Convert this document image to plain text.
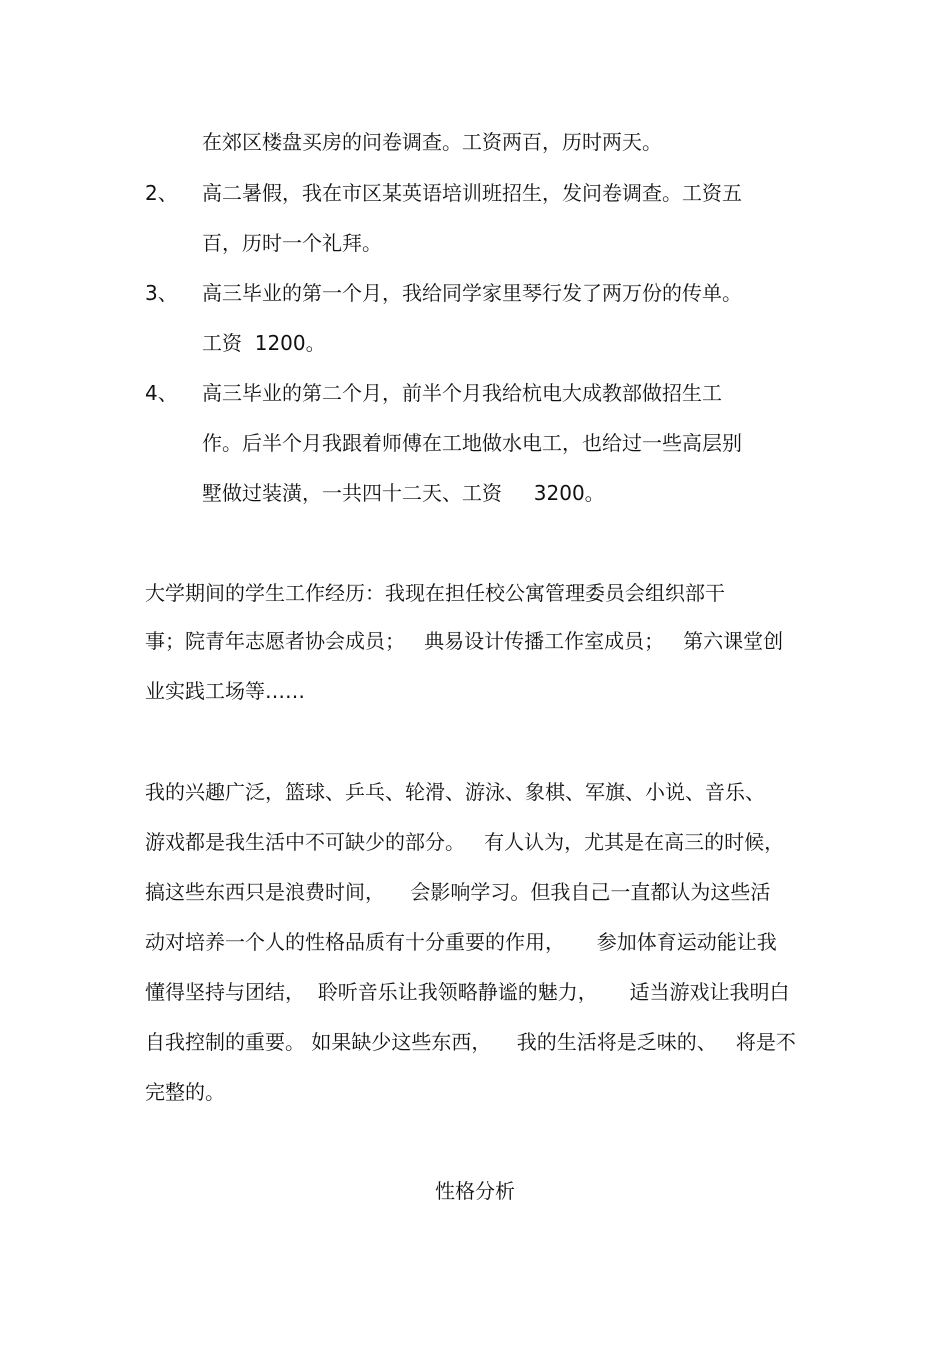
在郊区楼盘买房的问卷调查。工资两百，历时两天。
2、 高二暑假，我在市区某英语培训班招生，发问卷调查。工资五
百，历时一个礼拜。
3、 高三毕业的第一个月，我给同学家里琴行发了两万份的传单。
工资  1200。
4、 高三毕业的第二个月，前半个月我给杭电大成教部做招生工
作。后半个月我跟着师傅在工地做水电工，也给过一些高层别
墅做过装潢，一共四十二天、工资     3200。
大学期间的学生工作经历：我现在担任校公寓管理委员会组织部干
事；院青年志愿者协会成员；   典易设计传播工作室成员；   第六课堂创
业实践工场等……
我的兴趣广泛，篮球、乒乓、轮滑、游泳、象棋、军旗、小说、音乐、
游戏都是我生活中不可缺少的部分。   有人认为，尤其是在高三的时候，
搞这些东西只是浪费时间，    会影响学习。但我自己一直都认为这些活
动对培养一个人的性格品质有十分重要的作用，     参加体育运动能让我
懂得坚持与团结，  聆听音乐让我领略静谧的魅力，     适当游戏让我明白
自我控制的重要。 如果缺少这些东西，    我的生活将是乏味的、   将是不
完整的。
性格分析
